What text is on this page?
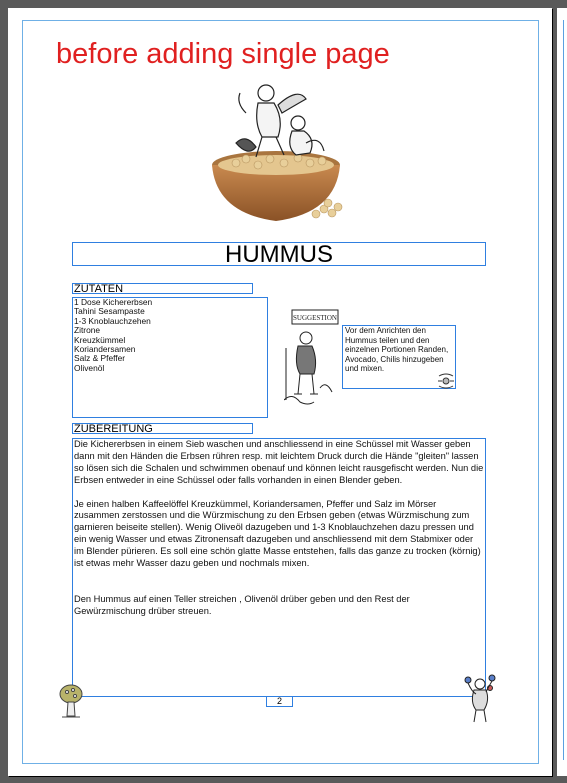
before adding single page
HUMMUS
ZUTATEN
1 Dose Kichererbsen
Tahini Sesampaste
1-3 Knoblauchzehen
Zitrone
Kreuzkümmel
Koriandersamen
Salz & Pfeffer
Olivenöl
SUGGESTION
Vor dem Anrichten den Hummus teilen und den einzelnen Portionen Randen, Avocado, Chilis hinzugeben und mixen.
ZUBEREITUNG

Die Kichererbsen in einem Sieb waschen und anschliessend in eine Schüssel mit Wasser geben dann mit den Händen die Erbsen rühren resp. mit leichtem Druck durch die Hände "gleiten" lassen so lösen sich die Schalen und schwimmen obenauf und können leicht rausgefischt werden. Nun die Erbsen entweder in eine Schüssel oder falls vorhanden in einen Blender geben.

Je einen halben Kaffeelöffel Kreuzkümmel, Koriandersamen, Pfeffer und Salz im Mörser zusammen zerstossen und die Würzmischung zu den Erbsen geben (etwas Würzmischung zum garnieren beiseite stellen). Wenig Oliveöl dazugeben und 1-3 Knoblauchzehen dazu pressen und ein wenig Wasser und etwas Zitronensaft dazugeben und anschliessend mit dem Stabmixer oder im Blender pürieren. Es soll eine schön glatte Masse entstehen, falls das ganze zu trocken (körnig) ist etwas mehr Wasser dazu geben und nochmals mixen.

Den Hummus auf einen Teller streichen , Olivenöl drüber geben und den Rest der Gewürzmischung drüber streuen.

2
